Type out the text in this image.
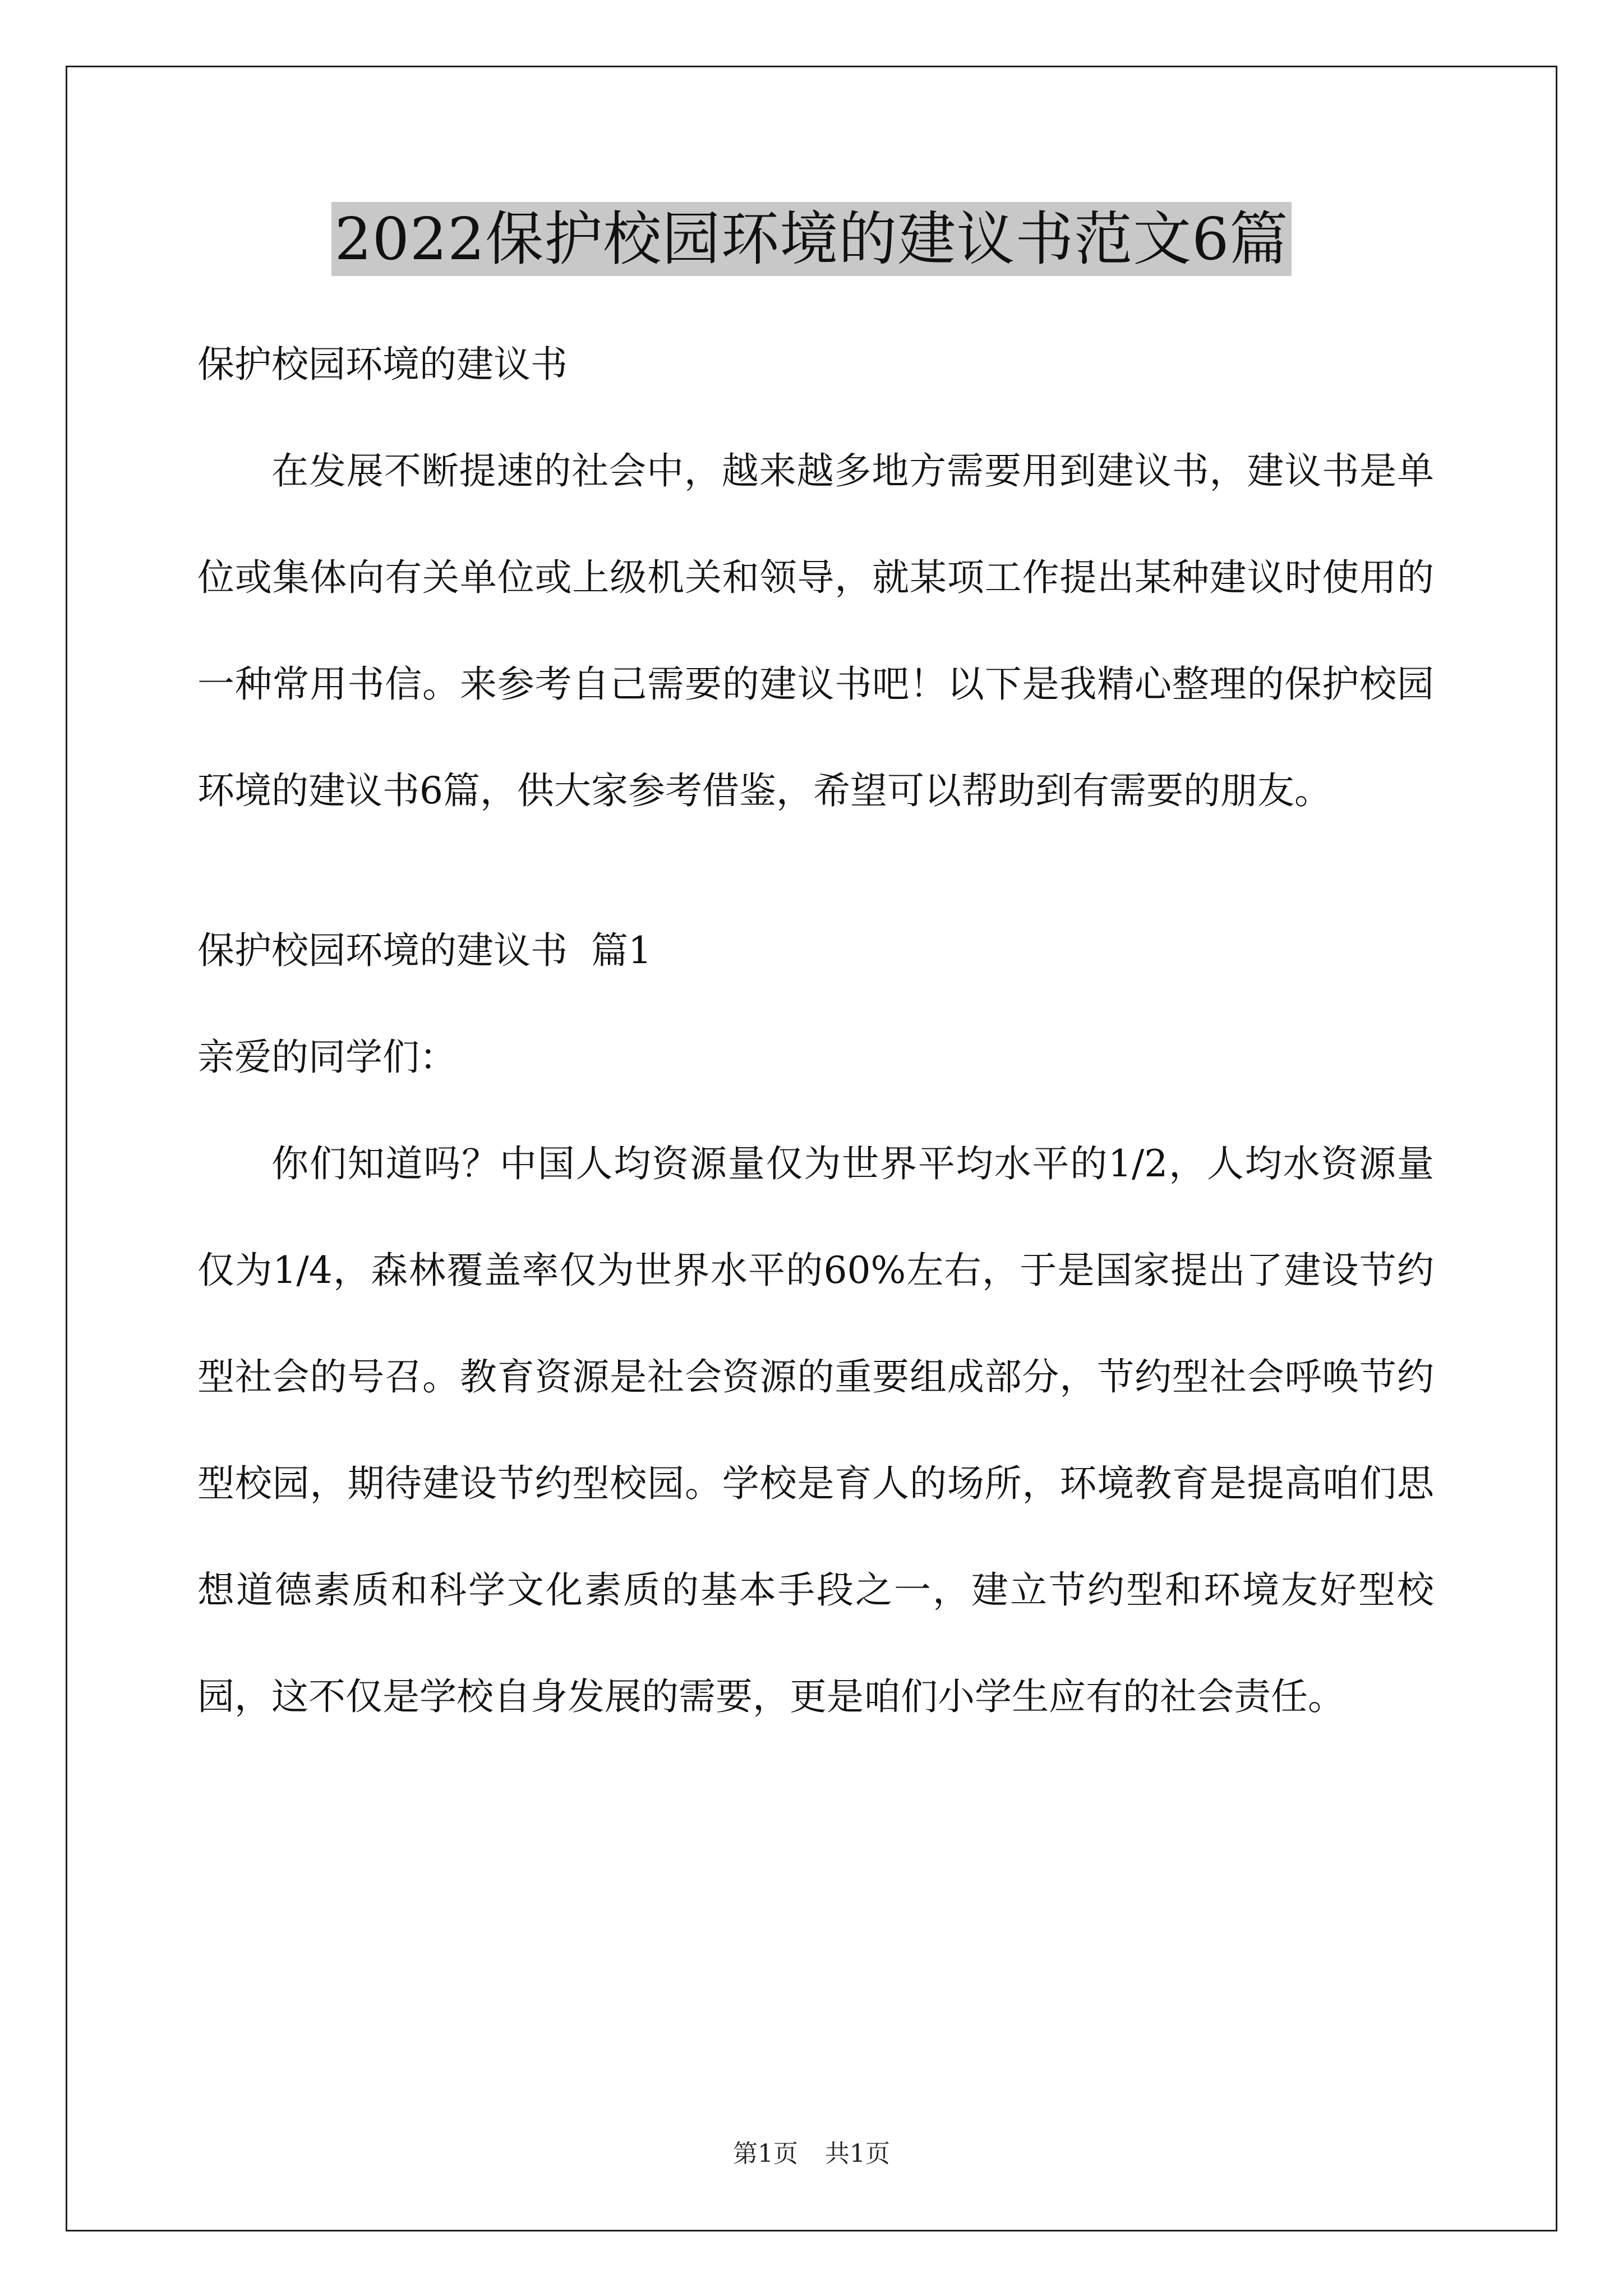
2022保护校园环境的建议书范文6篇

保护校园环境的建议书

在发展不断提速的社会中，越来越多地方需要用到建议书，建议书是单位或集体向有关单位或上级机关和领导，就某项工作提出某种建议时使用的一种常用书信。来参考自己需要的建议书吧！以下是我精心整理的保护校园环境的建议书6篇，供大家参考借鉴，希望可以帮助到有需要的朋友。

保护校园环境的建议书  篇1

亲爱的同学们：

你们知道吗？中国人均资源量仅为世界平均水平的1/2，人均水资源量仅为1/4，森林覆盖率仅为世界水平的60%左右，于是国家提出了建设节约型社会的号召。教育资源是社会资源的重要组成部分，节约型社会呼唤节约型校园，期待建设节约型校园。学校是育人的场所，环境教育是提高咱们思想道德素质和科学文化素质的基本手段之一，建立节约型和环境友好型校园，这不仅是学校自身发展的需要，更是咱们小学生应有的社会责任。

第1页 共1页
